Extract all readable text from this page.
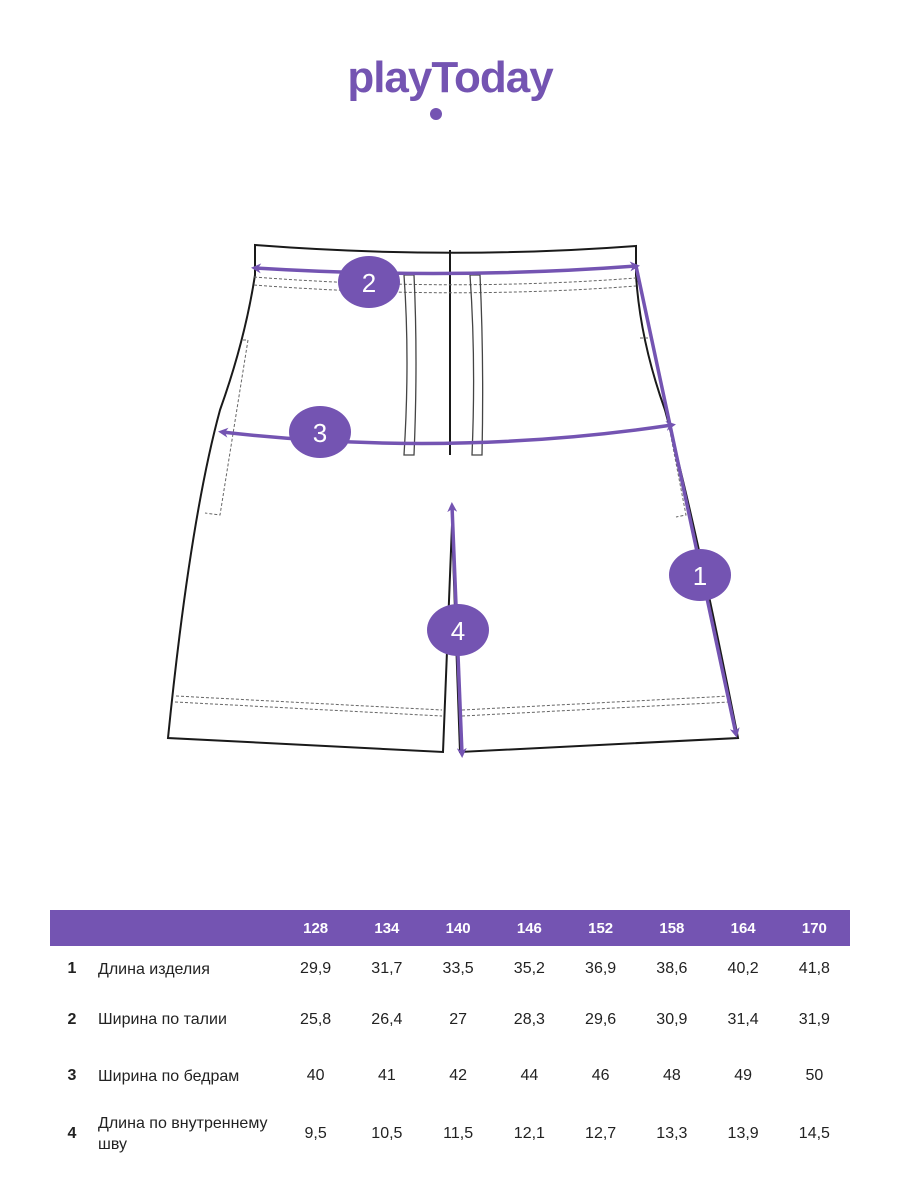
playToday
2
3
1
4
		128	134	140	146	152	158	164	170
1	Длина изделия	29,9	31,7	33,5	35,2	36,9	38,6	40,2	41,8
2	Ширина по талии	25,8	26,4	27	28,3	29,6	30,9	31,4	31,9
3	Ширина по бедрам	40	41	42	44	46	48	49	50
4	Длина по внутреннему шву	9,5	10,5	11,5	12,1	12,7	13,3	13,9	14,5
